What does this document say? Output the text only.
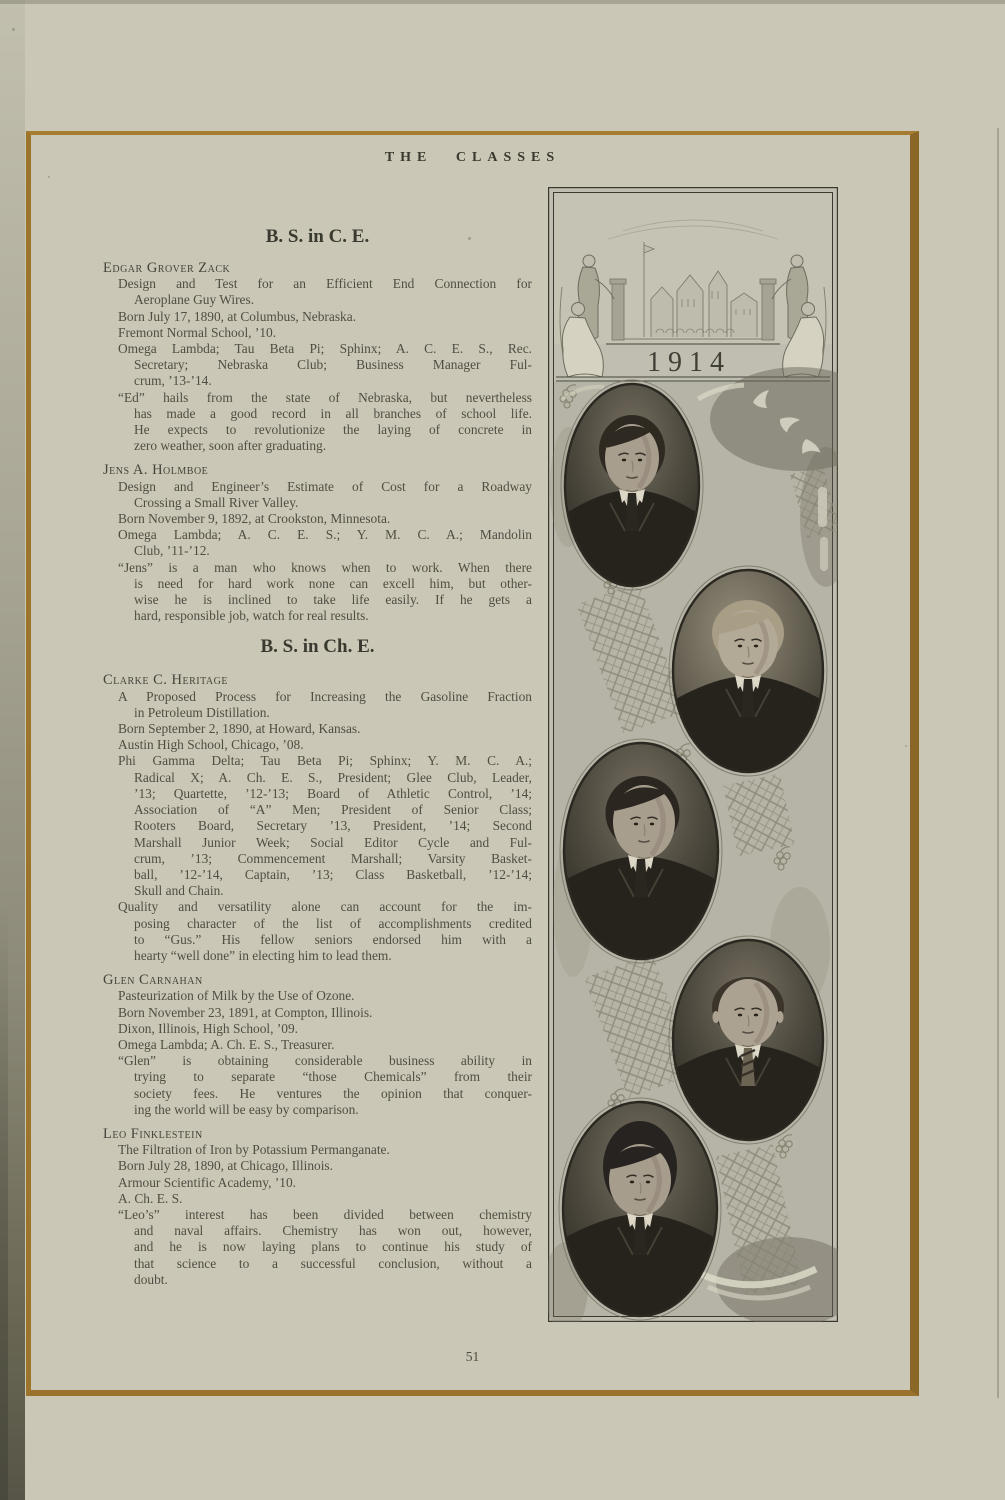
THE CLASSES
B. S. in C. E.
Edgar Grover Zack
Design and Test for an Efficient End Connection for
Aeroplane Guy Wires.
Born July 17, 1890, at Columbus, Nebraska.
Fremont Normal School, ’10.
Omega Lambda; Tau Beta Pi; Sphinx; A. C. E. S., Rec.
Secretary; Nebraska Club; Business Manager Ful-
crum, ’13-’14.
“Ed” hails from the state of Nebraska, but nevertheless
has made a good record in all branches of school life.
He expects to revolutionize the laying of concrete in
zero weather, soon after graduating.
Jens A. Holmboe
Design and Engineer’s Estimate of Cost for a Roadway
Crossing a Small River Valley.
Born November 9, 1892, at Crookston, Minnesota.
Omega Lambda; A. C. E. S.; Y. M. C. A.; Mandolin
Club, ’11-’12.
“Jens” is a man who knows when to work. When there
is need for hard work none can excell him, but other-
wise he is inclined to take life easily. If he gets a
hard, responsible job, watch for real results.
B. S. in Ch. E.
Clarke C. Heritage
A Proposed Process for Increasing the Gasoline Fraction
in Petroleum Distillation.
Born September 2, 1890, at Howard, Kansas.
Austin High School, Chicago, ’08.
Phi Gamma Delta; Tau Beta Pi; Sphinx; Y. M. C. A.;
Radical X; A. Ch. E. S., President; Glee Club, Leader,
’13; Quartette, ’12-’13; Board of Athletic Control, ’14;
Association of “A” Men; President of Senior Class;
Rooters Board, Secretary ’13, President, ’14; Second
Marshall Junior Week; Social Editor Cycle and Ful-
crum, ’13; Commencement Marshall; Varsity Basket-
ball, ’12-’14, Captain, ’13; Class Basketball, ’12-’14;
Skull and Chain.
Quality and versatility alone can account for the im-
posing character of the list of accomplishments credited
to “Gus.” His fellow seniors endorsed him with a
hearty “well done” in electing him to lead them.
Glen Carnahan
Pasteurization of Milk by the Use of Ozone.
Born November 23, 1891, at Compton, Illinois.
Dixon, Illinois, High School, ’09.
Omega Lambda; A. Ch. E. S., Treasurer.
“Glen” is obtaining considerable business ability in
trying to separate “those Chemicals” from their
society fees. He ventures the opinion that conquer-
ing the world will be easy by comparison.
Leo Finklestein
The Filtration of Iron by Potassium Permanganate.
Born July 28, 1890, at Chicago, Illinois.
Armour Scientific Academy, ’10.
A. Ch. E. S.
“Leo’s” interest has been divided between chemistry
and naval affairs. Chemistry has won out, however,
and he is now laying plans to continue his study of
that science to a successful conclusion, without a
doubt.
1914
51
